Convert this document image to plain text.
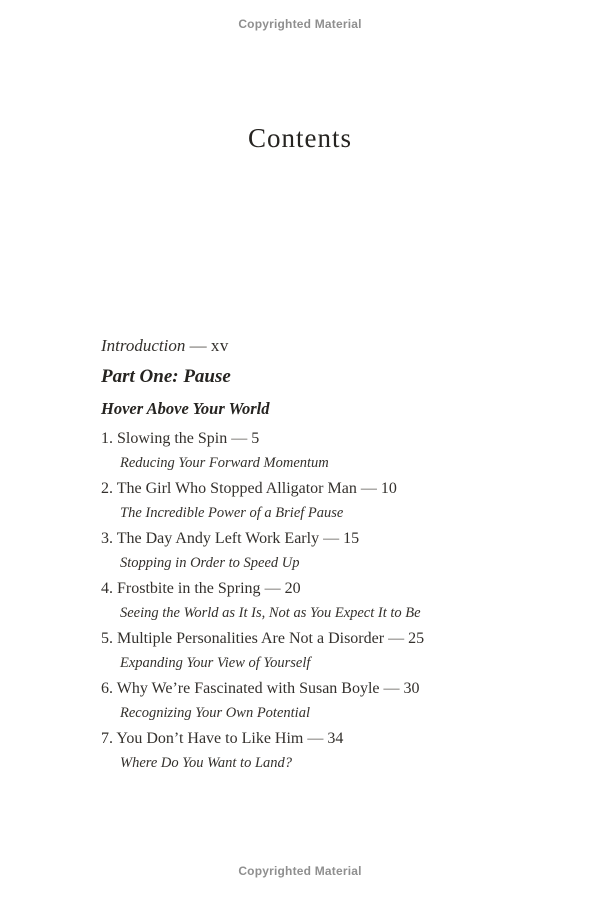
Copyrighted Material
Contents
Introduction — xv
Part One: Pause
Hover Above Your World
1. Slowing the Spin — 5
Reducing Your Forward Momentum
2. The Girl Who Stopped Alligator Man — 10
The Incredible Power of a Brief Pause
3. The Day Andy Left Work Early — 15
Stopping in Order to Speed Up
4. Frostbite in the Spring — 20
Seeing the World as It Is, Not as You Expect It to Be
5. Multiple Personalities Are Not a Disorder — 25
Expanding Your View of Yourself
6. Why We’re Fascinated with Susan Boyle — 30
Recognizing Your Own Potential
7. You Don’t Have to Like Him — 34
Where Do You Want to Land?
Copyrighted Material
